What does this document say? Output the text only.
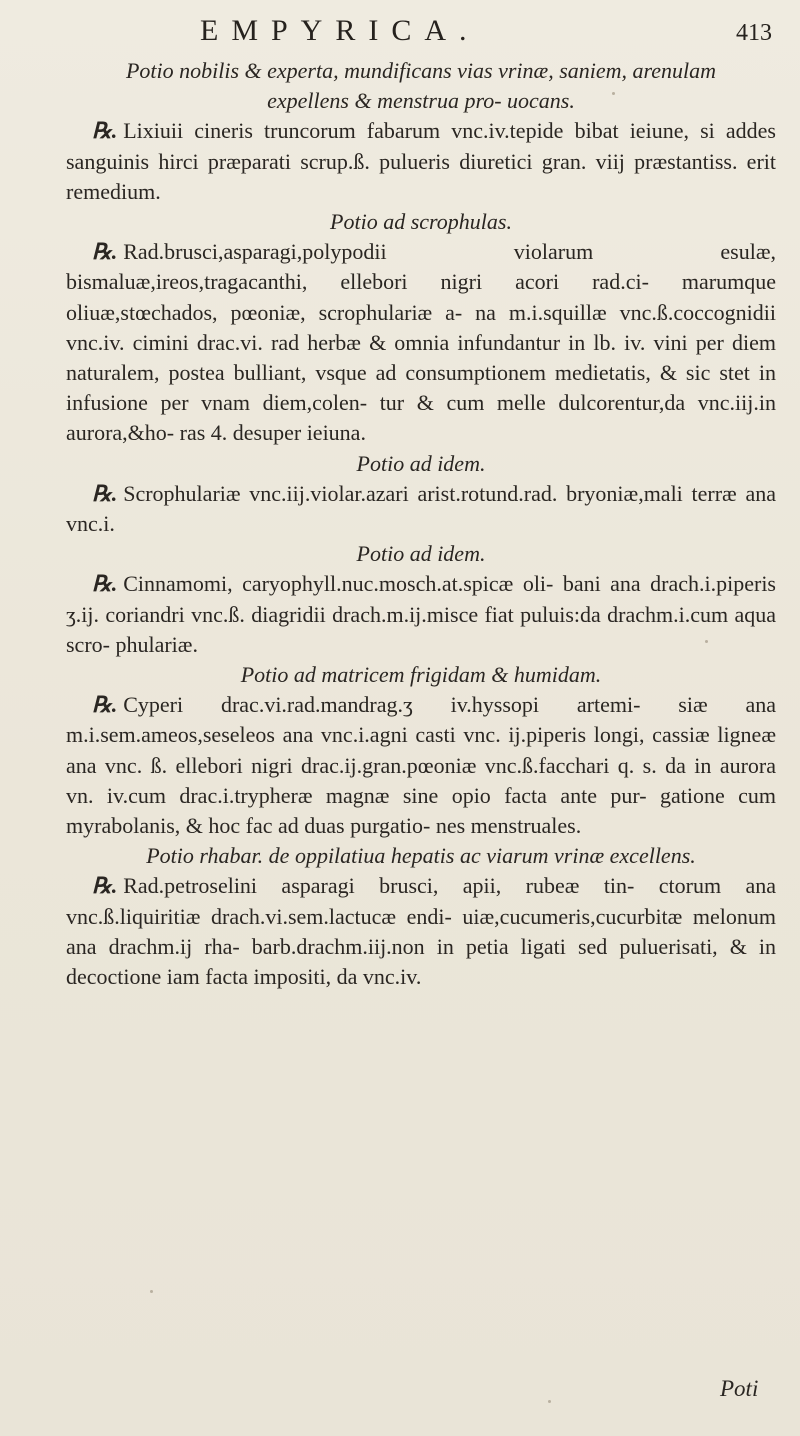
EMPYRICA.	413

Potio nobilis & experta, mundificans vias vrinæ, saniem, arenulam expellens & menstrua pro- uocans.

℞. Lixiuii cineris truncorum fabarum vnc.iv.tepide bibat ieiune, si addes sanguinis hirci præparati scrup.ß. pulueris diuretici gran. viij præstantiss. erit remedium.

Potio ad scrophulas.

℞. Rad.brusci,asparagi,polypodii violarum esulæ, bismaluæ,ireos,tragacanthi, ellebori nigri acori rad.ci- marumque oliuæ,stœchados, pœoniæ, scrophulariæ a- na m.i.squillæ vnc.ß.coccognidii vnc.iv. cimini drac.vi. rad herbæ & omnia infundantur in lb. iv. vini per diem naturalem, postea bulliant, vsque ad consumptionem medietatis, & sic stet in infusione per vnam diem,colen- tur & cum melle dulcorentur,da vnc.iij.in aurora,&ho- ras 4. desuper ieiuna.

Potio ad idem.

℞. Scrophulariæ vnc.iij.violar.azari arist.rotund.rad. bryoniæ,mali terræ ana vnc.i.

Potio ad idem.

℞. Cinnamomi, caryophyll.nuc.mosch.at.spicæ oli- bani ana drach.i.piperis ʒ.ij. coriandri vnc.ß. diagridii drach.m.ij.misce fiat puluis:da drachm.i.cum aqua scro- phulariæ.

Potio ad matricem frigidam & humidam.

℞. Cyperi drac.vi.rad.mandrag.ʒ iv.hyssopi artemi- siæ ana m.i.sem.ameos,seseleos ana vnc.i.agni casti vnc. ij.piperis longi, cassiæ ligneæ ana vnc. ß. ellebori nigri drac.ij.gran.pœoniæ vnc.ß.facchari q. s. da in aurora vn. iv.cum drac.i.trypheræ magnæ sine opio facta ante pur- gatione cum myrabolanis, & hoc fac ad duas purgatio- nes menstruales.

Potio rhabar. de oppilatiua hepatis ac viarum vrinæ excellens.

℞. Rad.petroselini asparagi brusci, apii, rubeæ tin- ctorum ana vnc.ß.liquiritiæ drach.vi.sem.lactucæ endi- uiæ,cucumeris,cucurbitæ melonum ana drachm.ij rha- barb.drachm.iij.non in petia ligati sed puluerisati, & in decoctione iam facta impositi, da vnc.iv.

Poti
